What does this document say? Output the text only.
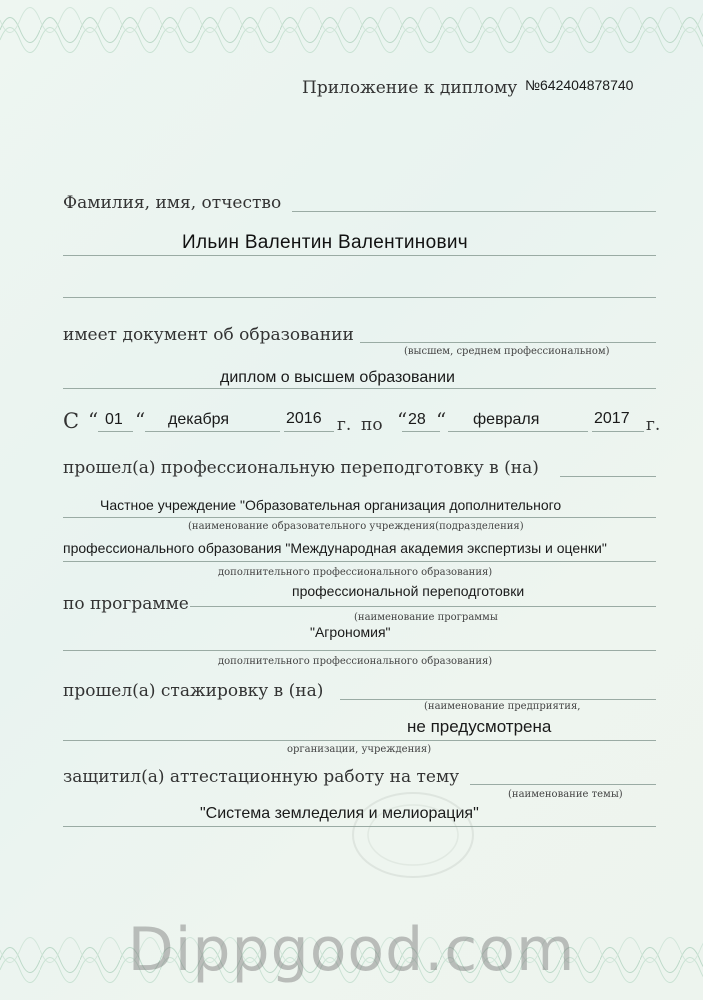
Приложение к диплому №642404878740
Фамилия, имя, отчество
Ильин Валентин Валентинович
имеет документ об образовании
(высшем, среднем профессиональном)
диплом о высшем образовании
С “ 01 “ декабря	2016 г. по “ 28 “ февраля	2017 г.
прошел(а) профессиональную переподготовку в (на)
Частное учреждение "Образовательная организация дополнительного
(наименование образовательного учреждения(подразделения)
профессионального образования "Международная академия экспертизы и оценки"
дополнительного профессионального образования)
по программе
профессиональной переподготовки
(наименование программы
"Агрономия"
дополнительного профессионального образования)
прошел(а) стажировку в (на)
(наименование предприятия,
не предусмотрена
организации, учреждения)
защитил(а) аттестационную работу на тему
(наименование темы)
"Система земледелия и мелиорация"
Dippgood.com
